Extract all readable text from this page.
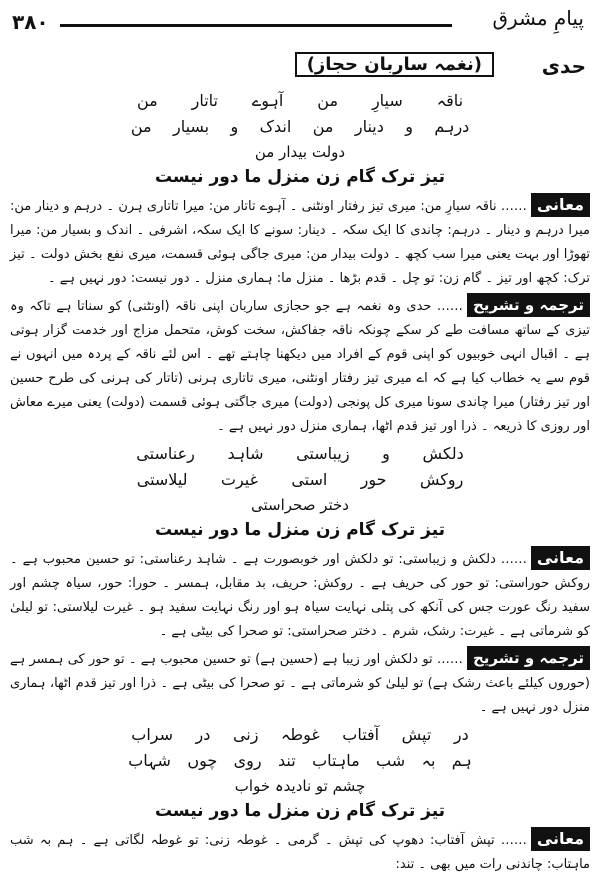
۳۸۰	پیامِ مشرق
حدی
(نغمہ ساربان حجاز)
ناقہ
سیارِ
من
آہوے
تاتار
من
درہم
و
دینار
من
اندک
و
بسیار
من
دولت بیدار من
تیز ترک گام زن منزل ما دور نیست
معانی…… ناقہ سیارِ من: میری تیز رفتار اونٹنی ۔ آہوے تاتار من: میرا تاتاری ہرن ۔ درہم و دینار من: میرا درہم و دینار ۔ درہم: چاندی کا ایک سکہ ۔ دینار: سونے کا ایک سکہ، اشرفی ۔ اندک و بسیار من: میرا تھوڑا اور بہت یعنی میرا سب کچھ ۔ دولت بیدار من: میری جاگی ہوئی قسمت، میری نفع بخش دولت ۔ تیز ترک: کچھ اور تیز ۔ گام زن: تو چل ۔ قدم بڑھا ۔ منزل ما: ہماری منزل ۔ دور نیست: دور نہیں ہے ۔
ترجمہ و تشریح…… حدی وہ نغمہ ہے جو حجازی ساربان اپنی ناقہ (اونٹنی) کو سناتا ہے تاکہ وہ تیزی کے ساتھ مسافت طے کر سکے چونکہ ناقہ جفاکش، سخت کوش، متحمل مزاج اور خدمت گزار ہوتی ہے ۔ اقبال انہی خوبیوں کو اپنی قوم کے افراد میں دیکھنا چاہتے تھے ۔ اس لئے ناقہ کے پردہ میں انہوں نے قوم سے یہ خطاب کیا ہے کہ اے میری تیز رفتار اونٹنی، میری تاتاری ہرنی (تاتار کی ہرنی کی طرح حسین اور تیز رفتار) میرا چاندی سونا میری کل پونجی (دولت) میری جاگتی ہوئی قسمت (دولت) یعنی میرے معاش اور روزی کا ذریعہ ۔ ذرا اور تیز قدم اٹھا، ہماری منزل دور نہیں ہے ۔
دلکش
و
زیباستی
شاہد
رعناستی
روکش
حور
استی
غیرت
لیلاستی
دختر صحراستی
تیز ترک گام زن منزل ما دور نیست
معانی…… دلکش و زیباستی: تو دلکش اور خوبصورت ہے ۔ شاہد رعناستی: تو حسین محبوب ہے ۔ روکش حوراستی: تو حور کی حریف ہے ۔ روکش: حریف، بد مقابل، ہمسر ۔ حورا: حور، سیاہ چشم اور سفید رنگ عورت جس کی آنکھ کی پتلی نہایت سیاہ ہو اور رنگ نہایت سفید ہو ۔ غیرت لیلاستی: تو لیلیٰ کو شرماتی ہے ۔ غیرت: رشک، شرم ۔ دختر صحراستی: تو صحرا کی بیٹی ہے ۔
ترجمہ و تشریح…… تو دلکش اور زیبا ہے (حسین ہے) تو حسین محبوب ہے ۔ تو حور کی ہمسر ہے (حوروں کیلئے باعث رشک ہے) تو لیلیٰ کو شرماتی ہے ۔ تو صحرا کی بیٹی ہے ۔ ذرا اور تیز قدم اٹھا، ہماری منزل دور نہیں ہے ۔
در
تپش
آفتاب
غوطہ
زنی
در
سراب
ہم
بہ
شب
ماہتاب
تند
روی
چوں
شہاب
چشم تو نادیدہ خواب
تیز ترک گام زن منزل ما دور نیست
معانی…… تپش آفتاب: دھوپ کی تپش ۔ گرمی ۔ غوطہ زنی: تو غوطہ لگاتی ہے ۔ ہم بہ شب ماہتاب: چاندنی رات میں بھی ۔ تند:
